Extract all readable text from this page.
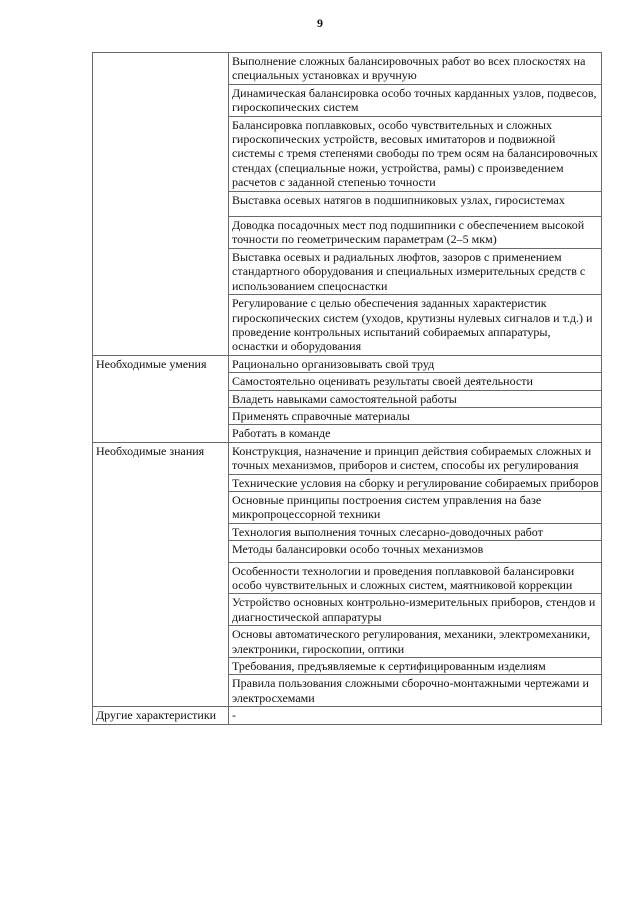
9
	Выполнение сложных балансировочных работ во всех плоскостях на специальных установках и вручную
	Динамическая балансировка особо точных карданных узлов, подвесов, гироскопических систем
	Балансировка поплавковых, особо чувствительных и сложных гироскопических устройств, весовых имитаторов и подвижной системы с тремя степенями свободы по трем осям на балансировочных стендах (специальные ножи, устройства, рамы) с произведением расчетов с заданной степенью точности
	Выставка осевых натягов в подшипниковых узлах, гиросистемах
	Доводка посадочных мест под подшипники с обеспечением высокой точности по геометрическим параметрам (2–5 мкм)
	Выставка осевых и радиальных люфтов, зазоров с применением стандартного оборудования и специальных измерительных средств с использованием спецоснастки
	Регулирование с целью обеспечения заданных характеристик гироскопических систем (уходов, крутизны нулевых сигналов и т.д.) и проведение контрольных испытаний собираемых аппаратуры, оснастки и оборудования
Необходимые умения	Рационально организовывать свой труд
	Самостоятельно оценивать результаты своей деятельности
	Владеть навыками самостоятельной работы
	Применять справочные материалы
	Работать в команде
Необходимые знания	Конструкция, назначение и принцип действия собираемых сложных и точных механизмов, приборов и систем, способы их регулирования
	Технические условия на сборку и регулирование собираемых приборов
	Основные принципы построения систем управления на базе микропроцессорной техники
	Технология выполнения точных слесарно-доводочных работ
	Методы балансировки особо точных механизмов
	Особенности технологии и проведения поплавковой балансировки особо чувствительных и сложных систем, маятниковой коррекции
	Устройство основных контрольно-измерительных приборов, стендов и диагностической аппаратуры
	Основы автоматического регулирования, механики, электромеханики, электроники, гироскопии, оптики
	Требования, предъявляемые к сертифицированным изделиям
	Правила пользования сложными сборочно-монтажными чертежами и электросхемами
Другие характеристики	-
